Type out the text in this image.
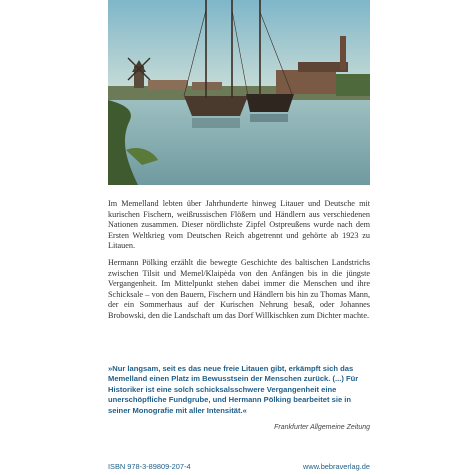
Im Memelland lebten über Jahrhunderte hinweg Litauer und Deutsche mit kurischen Fischern, weißrussischen Flößern und Händlern aus verschiedenen Nationen zusammen. Dieser nördlichste Zipfel Ostpreußens wurde nach dem Ersten Weltkrieg vom Deutschen Reich abgetrennt und gehörte ab 1923 zu Litauen.

Hermann Pölking erzählt die bewegte Geschichte des baltischen Landstrichs zwischen Tilsit und Memel/Klaipėda von den Anfängen bis in die jüngste Vergangenheit. Im Mittelpunkt stehen dabei immer die Menschen und ihre Schicksale – von den Bauern, Fischern und Händlern bis hin zu Thomas Mann, der ein Sommerhaus auf der Kurischen Nehrung besaß, oder Johannes Brobowski, den die Landschaft um das Dorf Willkischken zum Dichter machte.

»Nur langsam, seit es das neue freie Litauen gibt, erkämpft sich das Memelland einen Platz im Bewusstsein der Menschen zurück. (...) Für Historiker ist eine solch schicksalsschwere Vergangenheit eine unerschöpfliche Fundgrube, und Hermann Pölking bearbeitet sie in seiner Monografie mit aller Intensität.«
Frankfurter Allgemeine Zeitung
ISBN 978-3-89809-207-4	www.bebraverlag.de
